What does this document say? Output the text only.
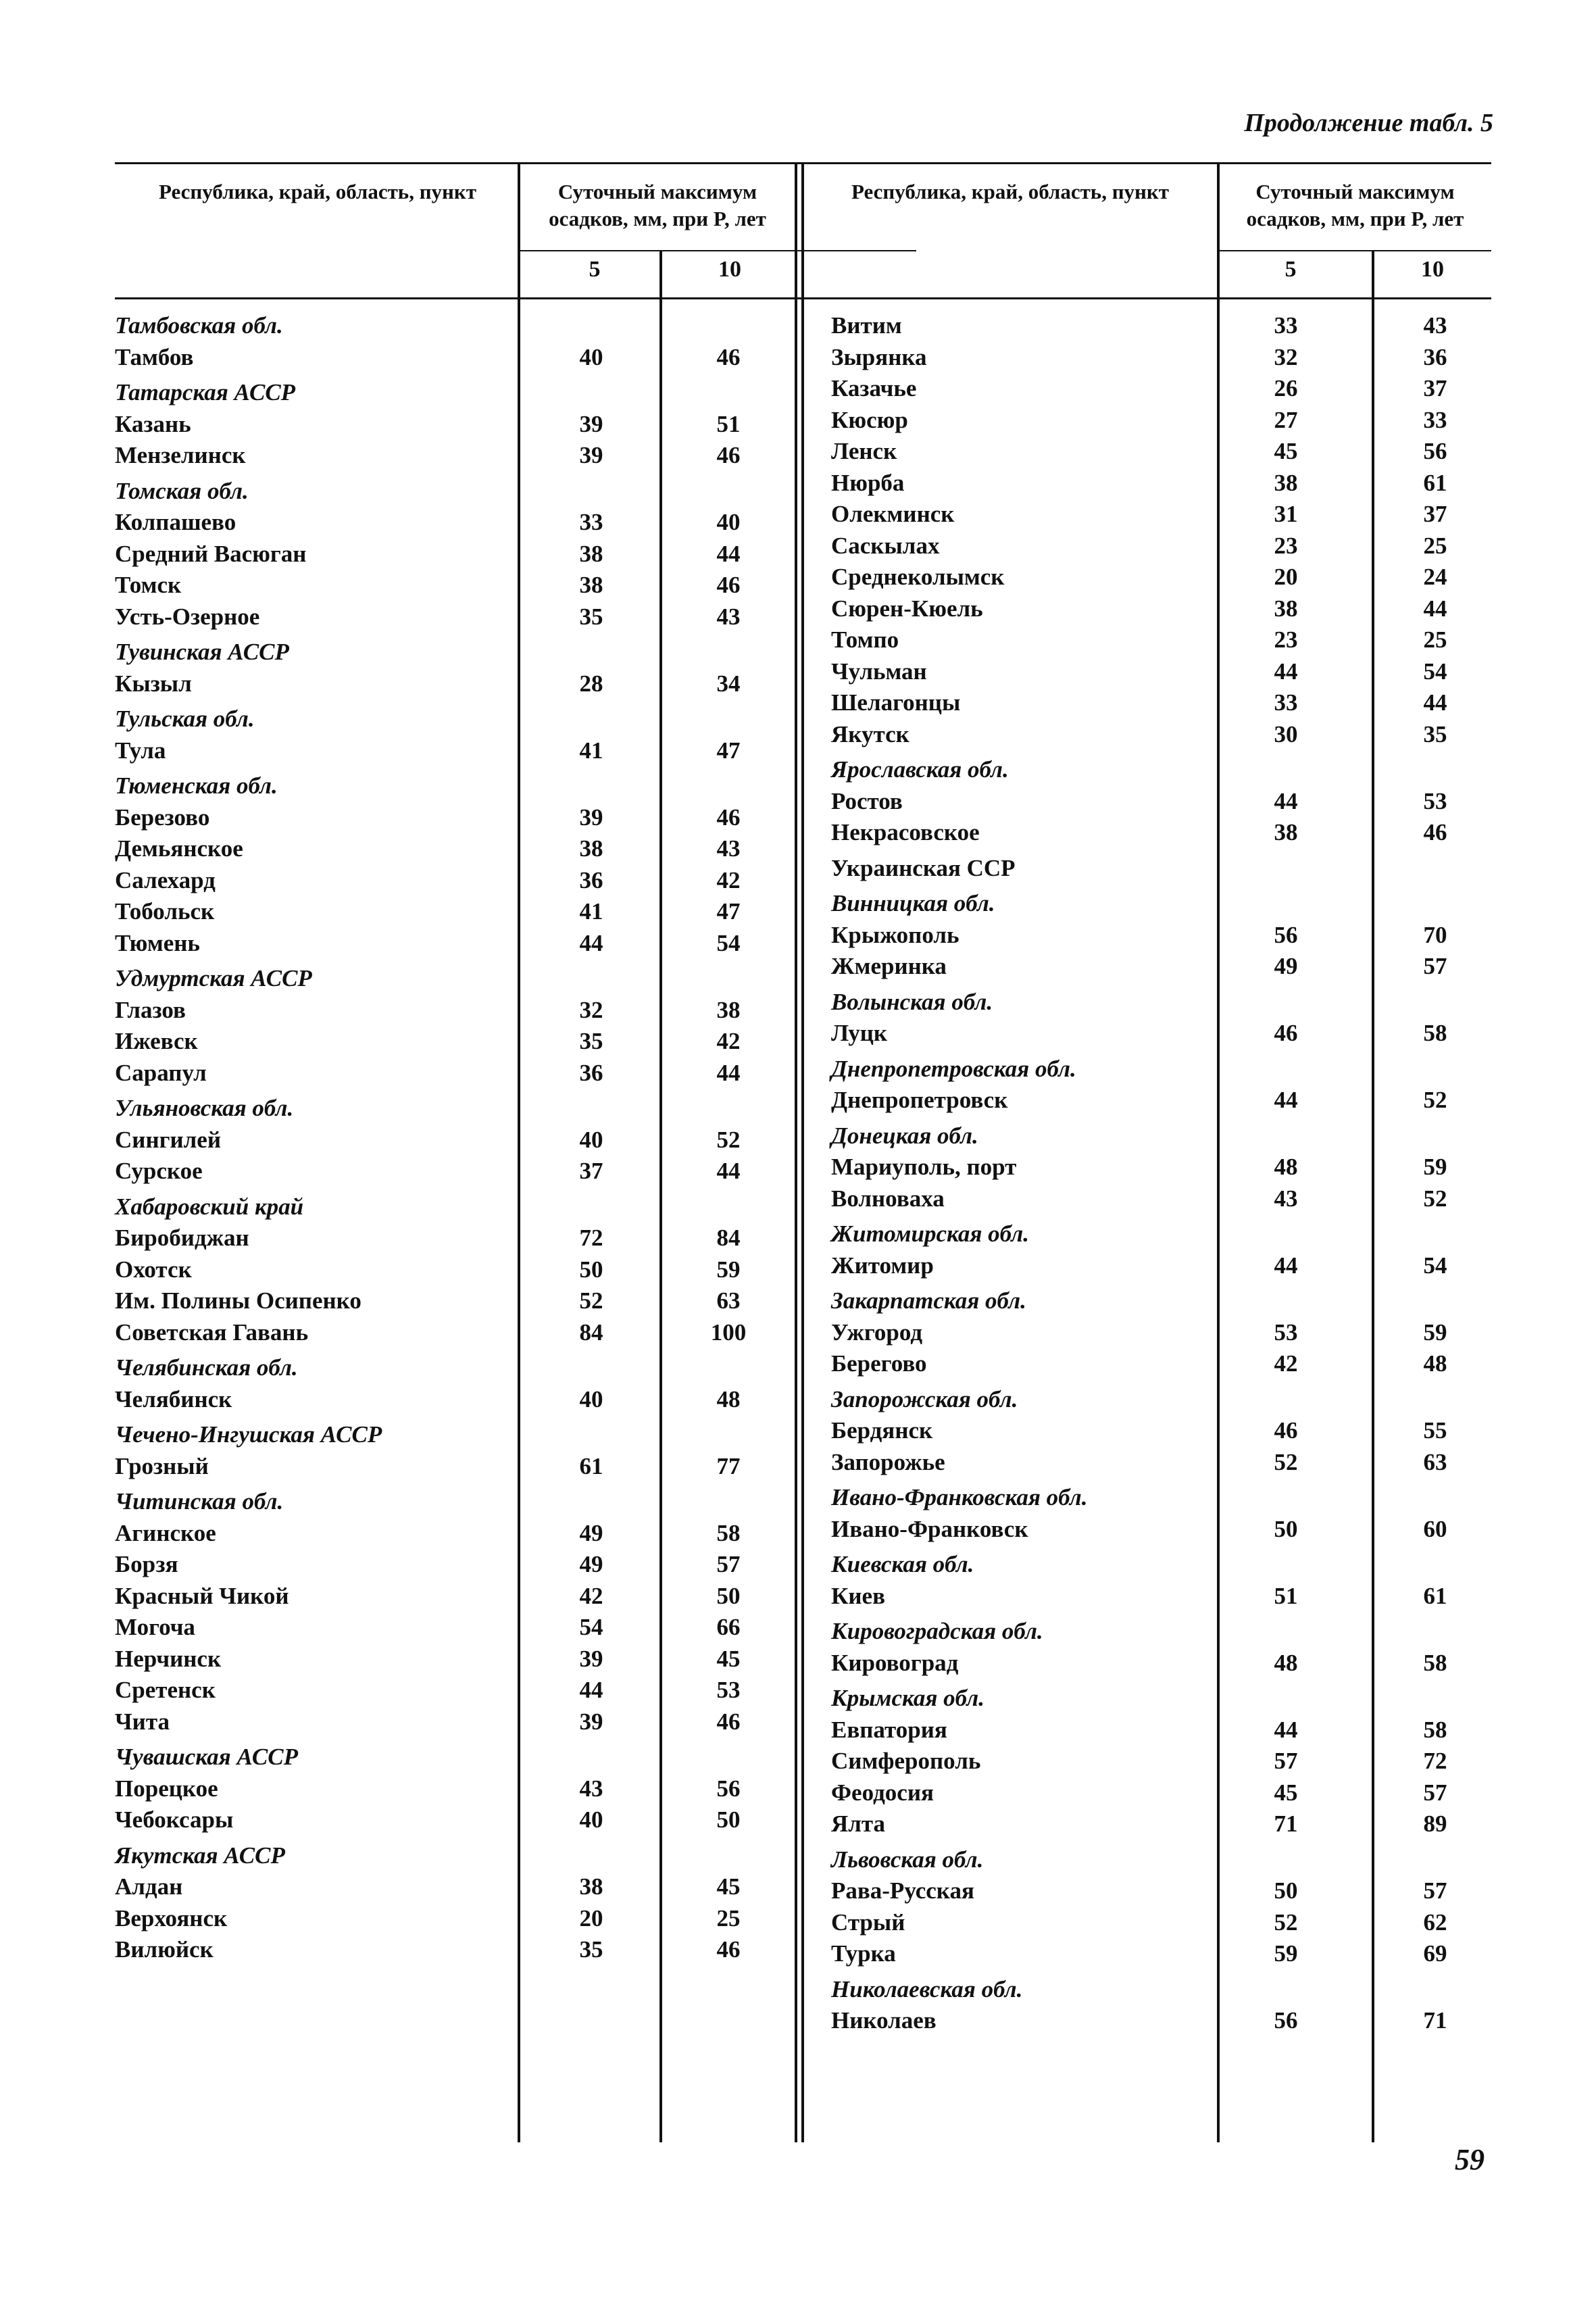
Продолжение табл. 5
Республика, край, область, пункт	Суточный максимум осадков, мм, при P, лет
Республика, край, область, пункт	Суточный максимум осадков, мм, при P, лет
5	10	5	10
Тамбовская обл.
Тамбов	40	46
Татарская АССР
Казань	39	51
Мензелинск	39	46
Томская обл.
Колпашево	33	40
Средний Васюган	38	44
Томск	38	46
Усть-Озерное	35	43
Тувинская АССР
Кызыл	28	34
Тульская обл.
Тула	41	47
Тюменская обл.
Березово	39	46
Демьянское	38	43
Салехард	36	42
Тобольск	41	47
Тюмень	44	54
Удмуртская АССР
Глазов	32	38
Ижевск	35	42
Сарапул	36	44
Ульяновская обл.
Сингилей	40	52
Сурское	37	44
Хабаровский край
Биробиджан	72	84
Охотск	50	59
Им. Полины Осипенко	52	63
Советская Гавань	84	100
Челябинская обл.
Челябинск	40	48
Чечено-Ингушская АССР
Грозный	61	77
Читинская обл.
Агинское	49	58
Борзя	49	57
Красный Чикой	42	50
Могоча	54	66
Нерчинск	39	45
Сретенск	44	53
Чита	39	46
Чувашская АССР
Порецкое	43	56
Чебоксары	40	50
Якутская АССР
Алдан	38	45
Верхоянск	20	25
Вилюйск	35	46
Витим	33	43
Зырянка	32	36
Казачье	26	37
Кюсюр	27	33
Ленск	45	56
Нюрба	38	61
Олекминск	31	37
Саскылах	23	25
Среднеколымск	20	24
Сюрен-Кюель	38	44
Томпо	23	25
Чульман	44	54
Шелагонцы	33	44
Якутск	30	35
Ярославская обл.
Ростов	44	53
Некрасовское	38	46
Украинская ССР
Винницкая обл.
Крыжополь	56	70
Жмеринка	49	57
Волынская обл.
Луцк	46	58
Днепропетровская обл.
Днепропетровск	44	52
Донецкая обл.
Мариуполь, порт	48	59
Волноваха	43	52
Житомирская обл.
Житомир	44	54
Закарпатская обл.
Ужгород	53	59
Берегово	42	48
Запорожская обл.
Бердянск	46	55
Запорожье	52	63
Ивано-Франковская обл.
Ивано-Франковск	50	60
Киевская обл.
Киев	51	61
Кировоградская обл.
Кировоград	48	58
Крымская обл.
Евпатория	44	58
Симферополь	57	72
Феодосия	45	57
Ялта	71	89
Львовская обл.
Рава-Русская	50	57
Стрый	52	62
Турка	59	69
Николаевская обл.
Николаев	56	71
59
